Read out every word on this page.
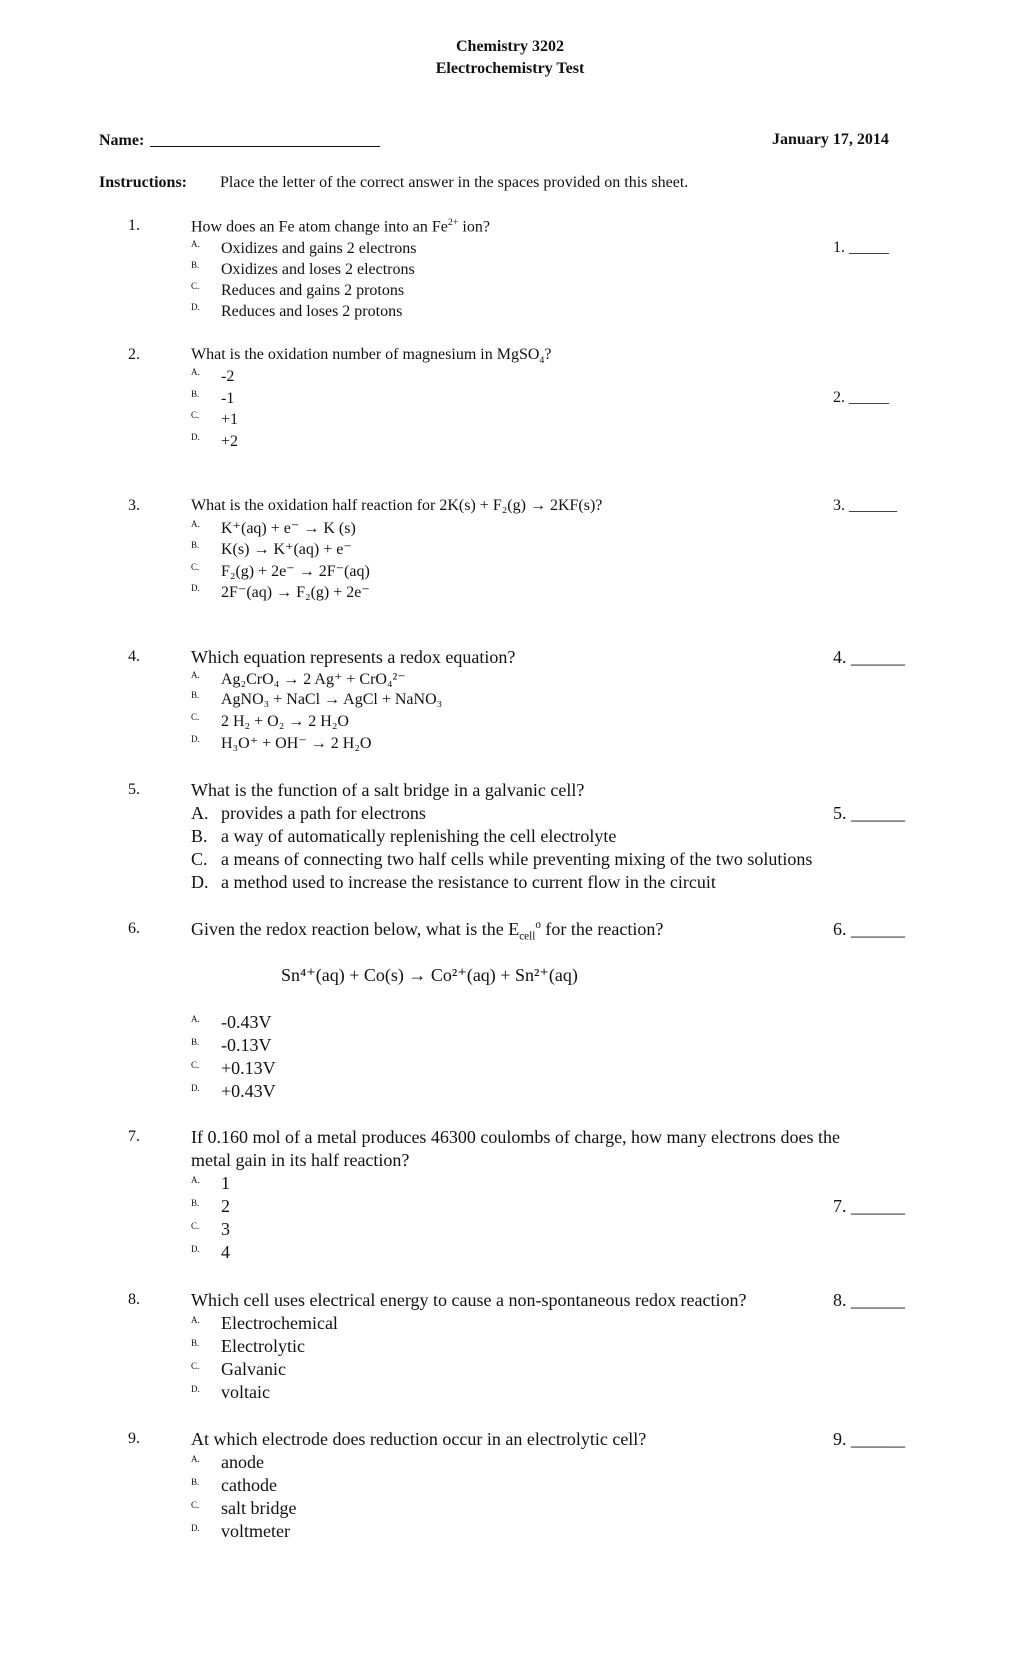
Chemistry 3202
Electrochemistry Test
Name:	January 17, 2014
Instructions: Place the letter of the correct answer in the spaces provided on this sheet.
1.	How does an Fe atom change into an $Fe^{2+}$ ion?
1. _____
A. Oxidizes and gains 2 electrons
B. Oxidizes and loses 2 electrons
C. Reduces and gains 2 protons
D. Reduces and loses 2 protons
2.	What is the oxidation number of magnesium in MgSO$_4$?
2. _____
A. -2
B. -1
C. +1
D. +2
3.	What is the oxidation half reaction for 2K(s) + F₂(g) → 2KF(s)?	3. ______
A. K⁺(aq) + e⁻ → K (s)
B. K(s) → K⁺(aq) + e⁻
C. F₂(g) + 2e⁻ → 2F⁻(aq)
D. 2F⁻(aq) → F₂(g) + 2e⁻
4.	Which equation represents a redox equation?	4. ______
A. Ag₂CrO₄ → 2 Ag⁺ + CrO₄²⁻
B. AgNO₃ + NaCl → AgCl + NaNO₃
C. 2 H₂ + O₂ → 2 H₂O
D. H₃O⁺ + OH⁻ → 2 H₂O
5.	What is the function of a salt bridge in a galvanic cell?
5. ______
A. provides a path for electrons
B. a way of automatically replenishing the cell electrolyte
C. a means of connecting two half cells while preventing mixing of the two solutions
D. a method used to increase the resistance to current flow in the circuit
6.	Given the redox reaction below, what is the $E_{cell}^o$ for the reaction?	6. ______
Sn⁴⁺(aq) + Co(s) → Co²⁺(aq) + Sn²⁺(aq)
A. -0.43V
B. -0.13V
C. +0.13V
D. +0.43V
7.	If 0.160 mol of a metal produces 46300 coulombs of charge, how many electrons does the
metal gain in its half reaction?
7. ______
A. 1
B. 2
C. 3
D. 4
8.	Which cell uses electrical energy to cause a non-spontaneous redox reaction?	8. ______
A. Electrochemical
B. Electrolytic
C. Galvanic
D. voltaic
9.	At which electrode does reduction occur in an electrolytic cell?	9. ______
A. anode
B. cathode
C. salt bridge
D. voltmeter
